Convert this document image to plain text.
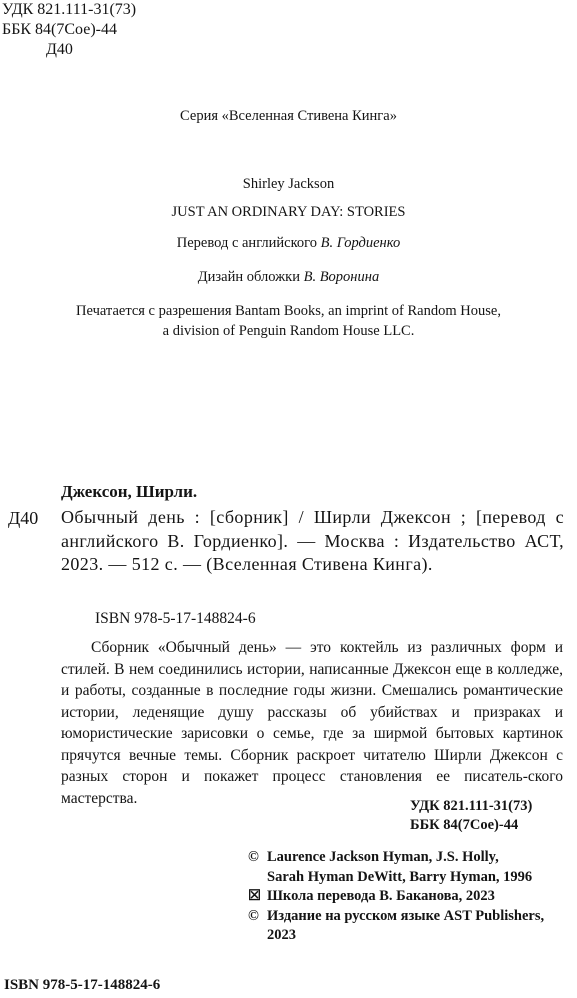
УДК 821.111-31(73)
ББК 84(7Сое)-44
Д40
Серия «Вселенная Стивена Кинга»
Shirley Jackson
JUST AN ORDINARY DAY: STORIES
Перевод с английского В. Гордиенко
Дизайн обложки В. Воронина
Печатается с разрешения Bantam Books, an imprint of Random House,
a division of Penguin Random House LLC.
Джексон, Ширли.
Д40 Обычный день : [сборник] / Ширли Джексон ; [перевод с английского В. Гордиенко]. — Москва : Издательство АСТ, 2023. — 512 с. — (Вселенная Стивена Кинга).
ISBN 978-5-17-148824-6

Сборник «Обычный день» — это коктейль из различных форм и стилей. В нем соединились истории, написанные Джексон еще в колледже, и работы, созданные в последние годы жизни. Смешались романтические истории, леденящие душу рассказы об убийствах и призраках и юмористические зарисовки о семье, где за ширмой бытовых картинок прячутся вечные темы. Сборник раскроет читателю Ширли Джексон с разных сторон и покажет процесс становления ее писатель-ского мастерства.	УДК 821.111-31(73)
ББК 84(7Сое)-44
© Laurence Jackson Hyman, J.S. Holly,
Sarah Hyman DeWitt, Barry Hyman, 1996
☒ Школа перевода В. Баканова, 2023
© Издание на русском языке AST Publishers,
2023
ISBN 978-5-17-148824-6
